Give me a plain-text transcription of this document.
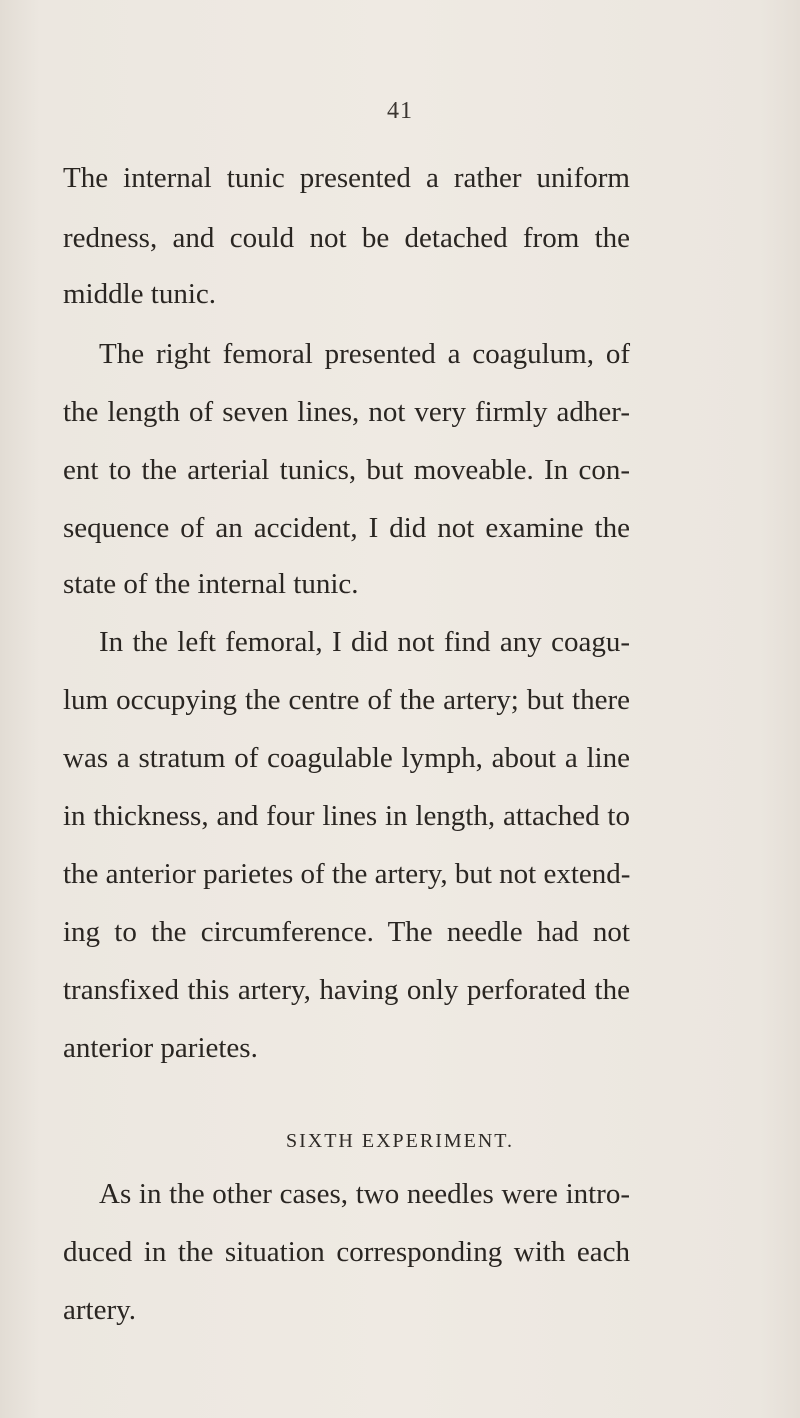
41
The internal tunic presented a rather uniform
redness, and could not be detached from the
middle tunic.
The right femoral presented a coagulum, of
the length of seven lines, not very firmly adher-
ent to the arterial tunics, but moveable. In con-
sequence of an accident, I did not examine the
state of the internal tunic.
In the left femoral, I did not find any coagu-
lum occupying the centre of the artery; but there
was a stratum of coagulable lymph, about a line
in thickness, and four lines in length, attached to
the anterior parietes of the artery, but not extend-
ing to the circumference. The needle had not
transfixed this artery, having only perforated the
anterior parietes.
SIXTH EXPERIMENT.
As in the other cases, two needles were intro-
duced in the situation corresponding with each
artery.
